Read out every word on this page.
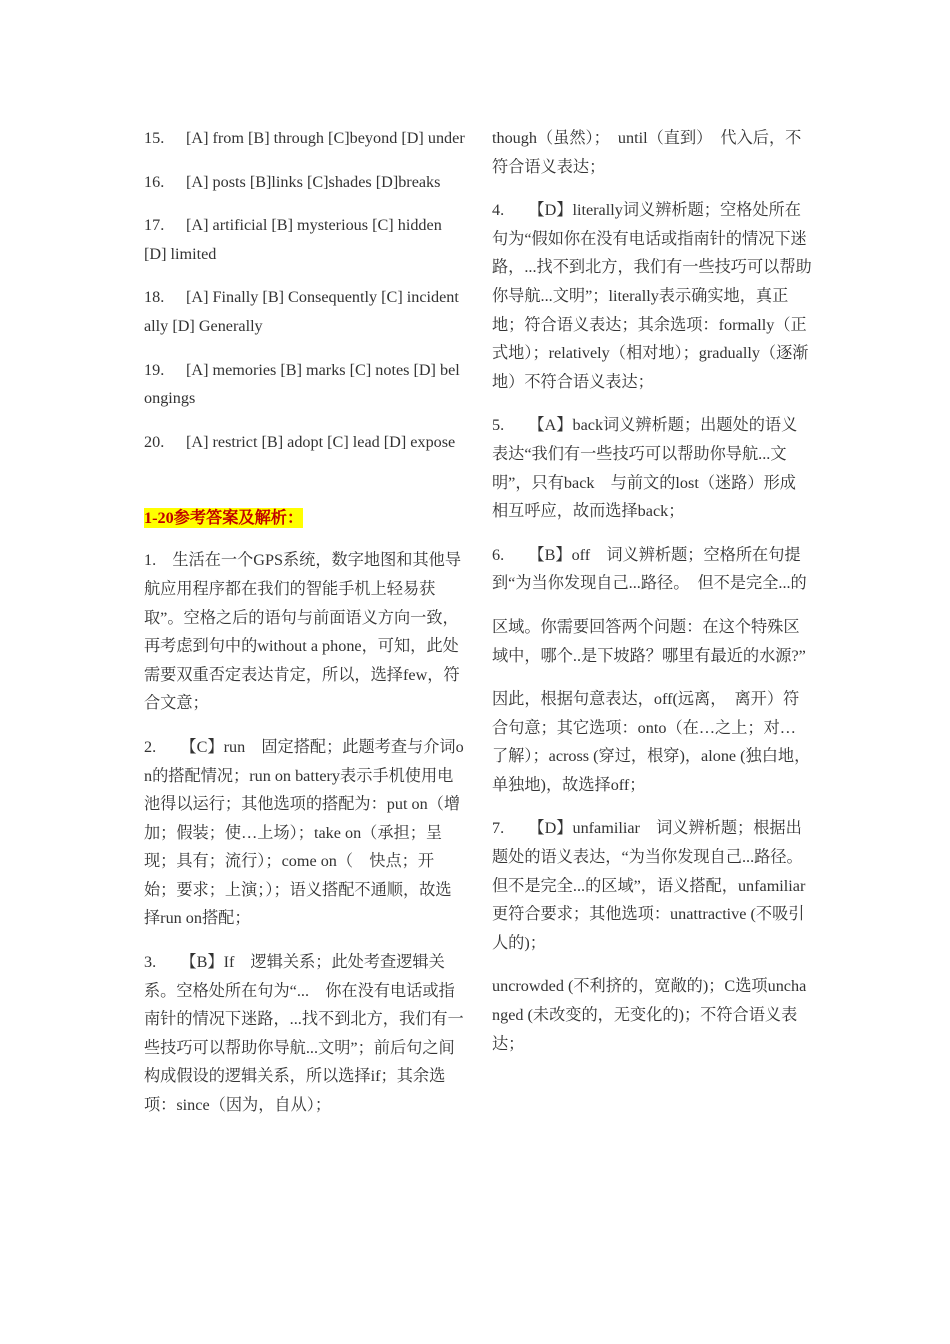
15. [A] from [B] through [C]beyond [D] under
16. [A] posts [B]links [C]shades [D]breaks
17. [A] artificial [B] mysterious [C] hidden [D] limited
18. [A] Finally [B] Consequently [C] incidentally [D] Generally
19. [A] memories [B] marks [C] notes [D] belongings
20. [A] restrict [B] adopt [C] lead [D] expose
1-20参考答案及解析：

1.　生活在一个GPS系统，数字地图和其他导航应用程序都在我们的智能手机上轻易获取”。空格之后的语句与前面语义方向一致，再考虑到句中的without a phone，可知，此处需要双重否定表达肯定，所以，选择few，符合文意；

2.　　【C】run　固定搭配；此题考查与介词on的搭配情况；run on battery表示手机使用电池得以运行；其他选项的搭配为：put on（增加；假装；使…上场）；take on（承担；呈现；具有；流行）；come on（　快点；开始；要求；上演；）；语义搭配不通顺，故选择run on搭配；

3.　　【B】If　逻辑关系；此处考查逻辑关系。空格处所在句为“...　你在没有电话或指南针的情况下迷路，...找不到北方，我们有一些技巧可以帮助你导航...文明”；前后句之间构成假设的逻辑关系，所以选择if；其余选项：since（因为，自从）；

though（虽然）；　until（直到）　代入后，不符合语义表达；

4.　　【D】literally词义辨析题；空格处所在句为“假如你在没有电话或指南针的情况下迷路，...找不到北方，我们有一些技巧可以帮助你导航...文明”；literally表示确实地，真正地；符合语义表达；其余选项：formally（正式地）；relatively（相对地）；gradually（逐渐地）不符合语义表达；

5.　　【A】back词义辨析题；出题处的语义表达“我们有一些技巧可以帮助你导航...文明”，只有back　与前文的lost（迷路）形成相互呼应，故而选择back；

6.　　【B】off　词义辨析题；空格所在句提到“为当你发现自己...路径。　但不是完全...的

区域。你需要回答两个问题：在这个特殊区域中，哪个..是下坡路？哪里有最近的水源?”

因此，根据句意表达，off(远离，　离开）符合句意；其它选项：onto（在…之上；对…了解）；across (穿过，根穿)，alone (独白地，单独地)，故选择off；

7.　　【D】unfamiliar　词义辨析题；根据出题处的语义表达，“为当你发现自己...路径。　但不是完全...的区域”，语义搭配，unfamiliar更符合要求；其他选项：unattractive (不吸引人的)；

uncrowded (不利挤的，宽敞的)；C选项unchanged (未改变的，无变化的)；不符合语义表达；
